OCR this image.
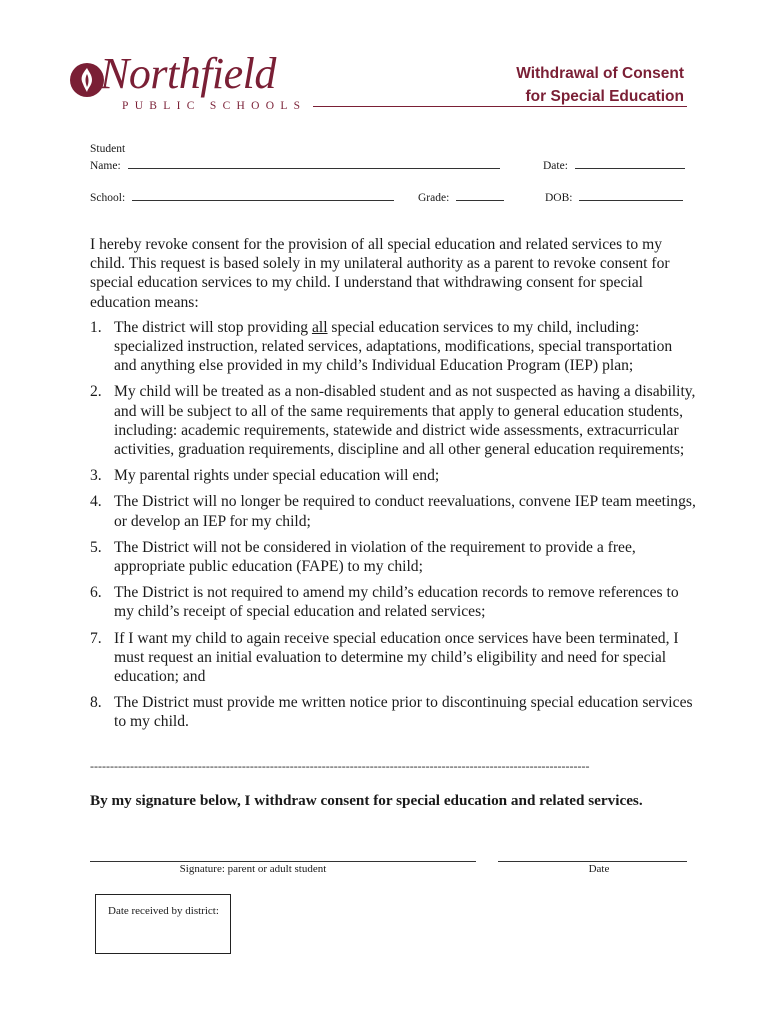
Northfield
PUBLIC SCHOOLS
Withdrawal of Consent
for Special Education
Student
Name:	Date:
School:	Grade:	DOB:

I hereby revoke consent for the provision of all special education and related services to my child. This request is based solely in my unilateral authority as a parent to revoke consent for special education services to my child. I understand that withdrawing consent for special education means:

1. The district will stop providing all special education services to my child, including: specialized instruction, related services, adaptations, modifications, special transportation and anything else provided in my child’s Individual Education Program (IEP) plan;
2. My child will be treated as a non-disabled student and as not suspected as having a disability, and will be subject to all of the same requirements that apply to general education students, including: academic requirements, statewide and district wide assessments, extracurricular activities, graduation requirements, discipline and all other general education requirements;
3. My parental rights under special education will end;
4. The District will no longer be required to conduct reevaluations, convene IEP team meetings, or develop an IEP for my child;
5. The District will not be considered in violation of the requirement to provide a free, appropriate public education (FAPE) to my child;
6. The District is not required to amend my child’s education records to remove references to my child’s receipt of special education and related services;
7. If I want my child to again receive special education once services have been terminated, I must request an initial evaluation to determine my child’s eligibility and need for special education; and
8. The District must provide me written notice prior to discontinuing special education services to my child.
-----------------------------------------------------------------------------------------------------------------------------
By my signature below, I withdraw consent for special education and related services.
Signature: parent or adult student	Date
Date received by district:
